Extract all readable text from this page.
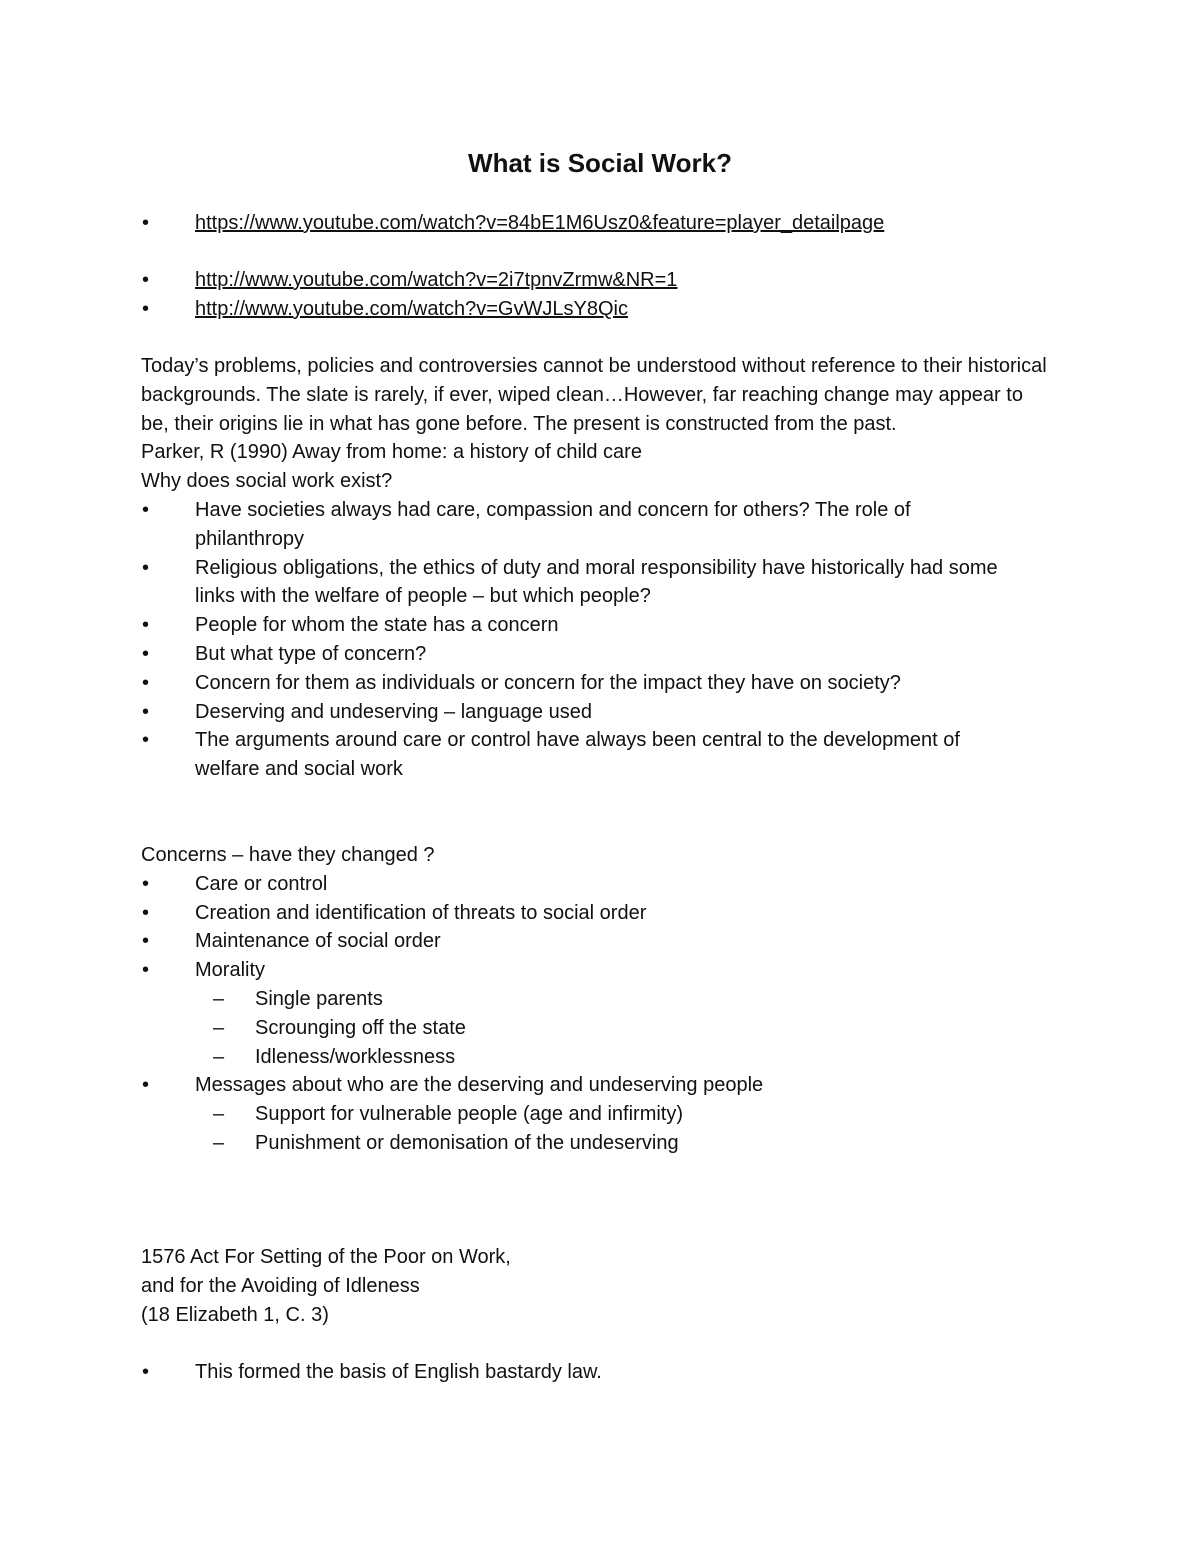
What is Social Work?
•	https://www.youtube.com/watch?v=84bE1M6Usz0&feature=player_detailpage
•	http://www.youtube.com/watch?v=2i7tpnvZrmw&NR=1
•	http://www.youtube.com/watch?v=GvWJLsY8Qic
Today’s problems, policies and controversies cannot be understood without reference to their historical backgrounds. The slate is rarely, if ever, wiped clean…However, far reaching change may appear to be, their origins lie in what has gone before. The present is constructed from the past.
Parker, R (1990) Away from home: a history of child care
Why does social work exist?
•	Have societies always had care, compassion and concern for others? The role of philanthropy
•	Religious obligations, the ethics of duty and moral responsibility have historically had some links with the welfare of people – but which people?
•	People for whom the state has a concern
•	But what type of concern?
•	Concern for them as individuals or concern for the impact they have on society?
•	Deserving and undeserving – language used
•	The arguments around care or control have always been central to the development of welfare and social work
Concerns – have they changed ?
•	Care or control
•	Creation and identification of threats to social order
•	Maintenance of social order
•	Morality
–	Single parents
–	Scrounging off the state
–	Idleness/worklessness
•	Messages about who are the deserving and undeserving people
–	Support for vulnerable people (age and infirmity)
–	Punishment or demonisation of the undeserving
1576 Act For Setting of the Poor on Work,
and for the Avoiding of Idleness
(18 Elizabeth 1, C. 3)
•	This formed the basis of English bastardy law.
